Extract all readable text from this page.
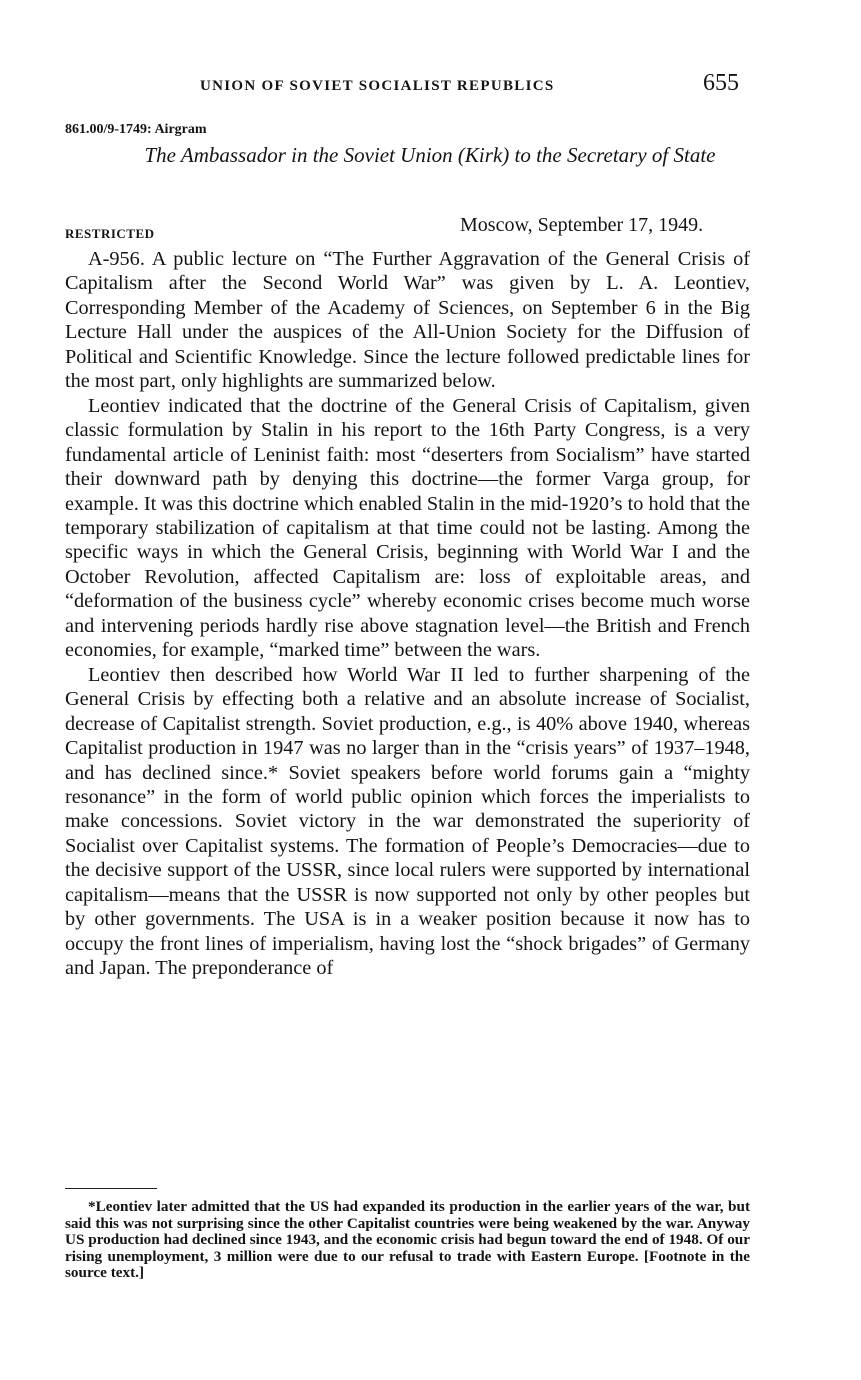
UNION OF SOVIET SOCIALIST REPUBLICS	655
861.00/9-1749: Airgram
The Ambassador in the Soviet Union (Kirk) to the Secretary of State
RESTRICTED	Moscow, September 17, 1949.

A-956. A public lecture on “The Further Aggravation of the General Crisis of Capitalism after the Second World War” was given by L. A. Leontiev, Corresponding Member of the Academy of Sciences, on September 6 in the Big Lecture Hall under the auspices of the All-Union Society for the Diffusion of Political and Scientific Knowledge. Since the lecture followed predictable lines for the most part, only highlights are summarized below.

Leontiev indicated that the doctrine of the General Crisis of Capitalism, given classic formulation by Stalin in his report to the 16th Party Congress, is a very fundamental article of Leninist faith: most “deserters from Socialism” have started their downward path by denying this doctrine—the former Varga group, for example. It was this doctrine which enabled Stalin in the mid-1920’s to hold that the temporary stabilization of capitalism at that time could not be lasting. Among the specific ways in which the General Crisis, beginning with World War I and the October Revolution, affected Capitalism are: loss of exploitable areas, and “deformation of the business cycle” whereby economic crises become much worse and intervening periods hardly rise above stagnation level—the British and French economies, for example, “marked time” between the wars.

Leontiev then described how World War II led to further sharpening of the General Crisis by effecting both a relative and an absolute increase of Socialist, decrease of Capitalist strength. Soviet production, e.g., is 40% above 1940, whereas Capitalist production in 1947 was no larger than in the “crisis years” of 1937–1948, and has declined since.* Soviet speakers before world forums gain a “mighty resonance” in the form of world public opinion which forces the imperialists to make concessions. Soviet victory in the war demonstrated the superiority of Socialist over Capitalist systems. The formation of People’s Democracies—due to the decisive support of the USSR, since local rulers were supported by international capitalism—means that the USSR is now supported not only by other peoples but by other governments. The USA is in a weaker position because it now has to occupy the front lines of imperialism, having lost the “shock brigades” of Germany and Japan. The preponderance of

*Leontiev later admitted that the US had expanded its production in the earlier years of the war, but said this was not surprising since the other Capitalist countries were being weakened by the war. Anyway US production had declined since 1943, and the economic crisis had begun toward the end of 1948. Of our rising unemployment, 3 million were due to our refusal to trade with Eastern Europe. [Footnote in the source text.]
